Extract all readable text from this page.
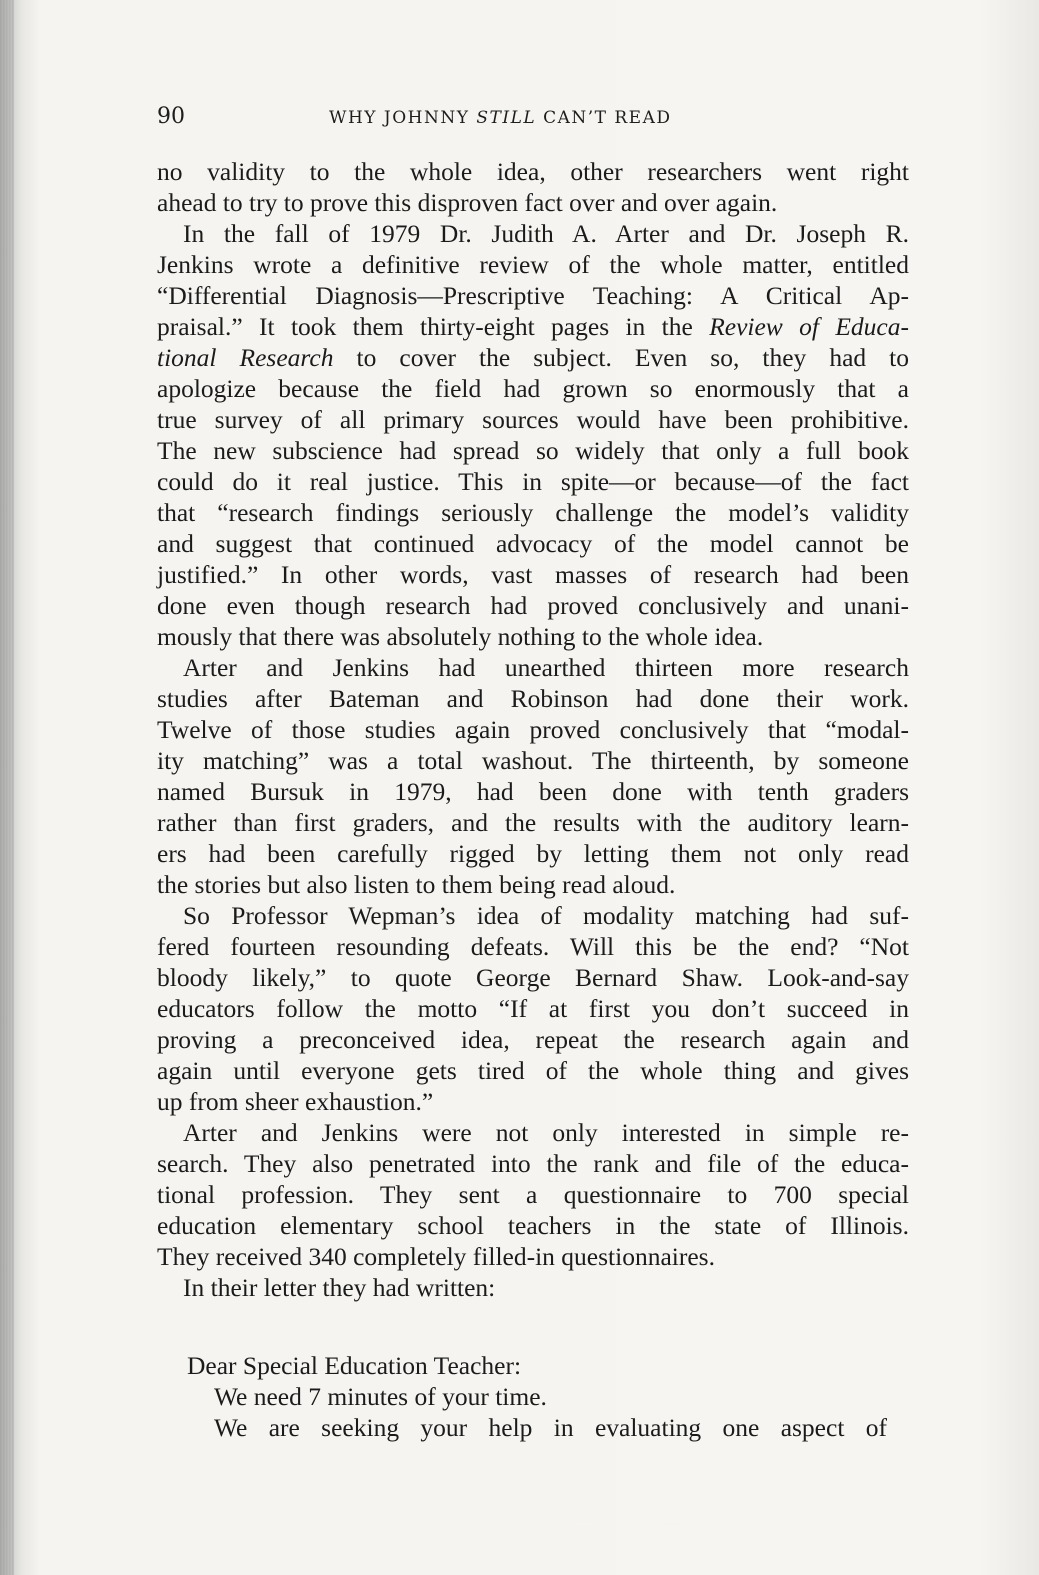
90	WHY JOHNNY STILL CAN’T READ
no validity to the whole idea, other researchers went right
ahead to try to prove this disproven fact over and over again.
In the fall of 1979 Dr. Judith A. Arter and Dr. Joseph R.
Jenkins wrote a definitive review of the whole matter, entitled
“Differential Diagnosis—Prescriptive Teaching: A Critical Ap-
praisal.” It took them thirty-eight pages in the Review of Educa-
tional Research to cover the subject. Even so, they had to
apologize because the field had grown so enormously that a
true survey of all primary sources would have been prohibitive.
The new subscience had spread so widely that only a full book
could do it real justice. This in spite—or because—of the fact
that “research findings seriously challenge the model’s validity
and suggest that continued advocacy of the model cannot be
justified.” In other words, vast masses of research had been
done even though research had proved conclusively and unani-
mously that there was absolutely nothing to the whole idea.
Arter and Jenkins had unearthed thirteen more research
studies after Bateman and Robinson had done their work.
Twelve of those studies again proved conclusively that “modal-
ity matching” was a total washout. The thirteenth, by someone
named Bursuk in 1979, had been done with tenth graders
rather than first graders, and the results with the auditory learn-
ers had been carefully rigged by letting them not only read
the stories but also listen to them being read aloud.
So Professor Wepman’s idea of modality matching had suf-
fered fourteen resounding defeats. Will this be the end? “Not
bloody likely,” to quote George Bernard Shaw. Look-and-say
educators follow the motto “If at first you don’t succeed in
proving a preconceived idea, repeat the research again and
again until everyone gets tired of the whole thing and gives
up from sheer exhaustion.”
Arter and Jenkins were not only interested in simple re-
search. They also penetrated into the rank and file of the educa-
tional profession. They sent a questionnaire to 700 special
education elementary school teachers in the state of Illinois.
They received 340 completely filled-in questionnaires.
In their letter they had written:
Dear Special Education Teacher:
We need 7 minutes of your time.
We are seeking your help in evaluating one aspect of
